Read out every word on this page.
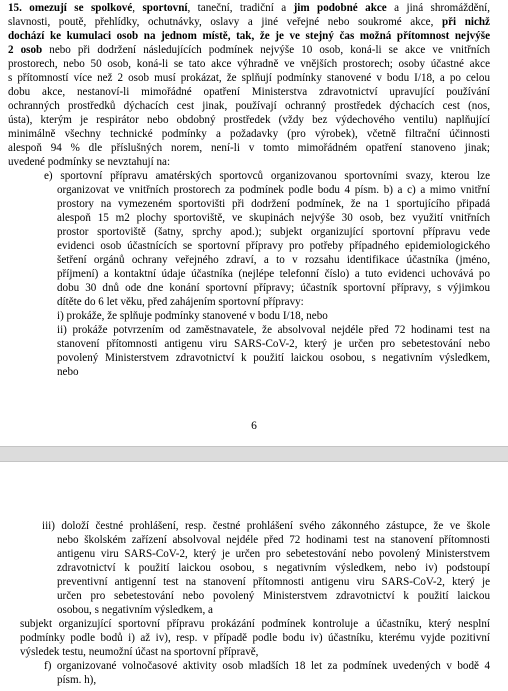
15. omezují se spolkové, sportovní, taneční, tradiční a jim podobné akce a jiná shromáždění,
slavnosti, poutě, přehlídky, ochutnávky, oslavy a jiné veřejné nebo soukromé akce, při nichž
dochází ke kumulaci osob na jednom místě, tak, že je ve stejný čas možná přítomnost nejvýše
2 osob nebo při dodržení následujících podmínek nejvýše 10 osob, koná-li se akce ve vnitřních
prostorech, nebo 50 osob, koná-li se tato akce výhradně ve vnějších prostorech; osoby účastné akce
s přítomností více než 2 osob musí prokázat, že splňují podmínky stanovené v bodu I/18, a po celou
dobu akce, nestanoví-li mimořádné opatření Ministerstva zdravotnictví upravující používání
ochranných prostředků dýchacích cest jinak, používají ochranný prostředek dýchacích cest (nos,
ústa), kterým je respirátor nebo obdobný prostředek (vždy bez výdechového ventilu) naplňující
minimálně všechny technické podmínky a požadavky (pro výrobek), včetně filtrační účinnosti
alespoň 94 % dle příslušných norem, není-li v tomto mimořádném opatření stanoveno jinak;
uvedené podmínky se nevztahují na:
e) sportovní přípravu amatérských sportovců organizovanou sportovními svazy, kterou lze
organizovat ve vnitřních prostorech za podmínek podle bodu 4 písm. b) a c) a mimo vnitřní
prostory na vymezeném sportovišti při dodržení podmínek, že na 1 sportujícího připadá
alespoň 15 m2 plochy sportoviště, ve skupinách nejvýše 30 osob, bez využití vnitřních
prostor sportoviště (šatny, sprchy apod.); subjekt organizující sportovní přípravu vede
evidenci osob účastnících se sportovní přípravy pro potřeby případného epidemiologického
šetření orgánů ochrany veřejného zdraví, a to v rozsahu identifikace účastníka (jméno,
příjmení) a kontaktní údaje účastníka (nejlépe telefonní číslo) a tuto evidenci uchovává po
dobu 30 dnů ode dne konání sportovní přípravy; účastník sportovní přípravy, s výjimkou
dítěte do 6 let věku, před zahájením sportovní přípravy:
i) prokáže, že splňuje podmínky stanovené v bodu I/18, nebo
ii) prokáže potvrzením od zaměstnavatele, že absolvoval nejdéle před 72 hodinami test na
stanovení přítomnosti antigenu viru SARS-CoV-2, který je určen pro sebetestování nebo
povolený Ministerstvem zdravotnictví k použití laickou osobou, s negativním výsledkem,
nebo
6
iii) doloží čestné prohlášení, resp. čestné prohlášení svého zákonného zástupce, že ve škole
nebo školském zařízení absolvoval nejdéle před 72 hodinami test na stanovení přítomnosti
antigenu viru SARS-CoV-2, který je určen pro sebetestování nebo povolený Ministerstvem
zdravotnictví k použití laickou osobou, s negativním výsledkem, nebo iv) podstoupí
preventivní antigenní test na stanovení přítomnosti antigenu viru SARS-CoV-2, který je
určen pro sebetestování nebo povolený Ministerstvem zdravotnictví k použití laickou
osobou, s negativním výsledkem, a
subjekt organizující sportovní přípravu prokázání podmínek kontroluje a účastníku, který nesplní
podmínky podle bodů i) až iv), resp. v případě podle bodu iv) účastníku, kterému vyjde pozitivní
výsledek testu, neumožní účast na sportovní přípravě,
f) organizované volnočasové aktivity osob mladších 18 let za podmínek uvedených v bodě 4
písm. h),
